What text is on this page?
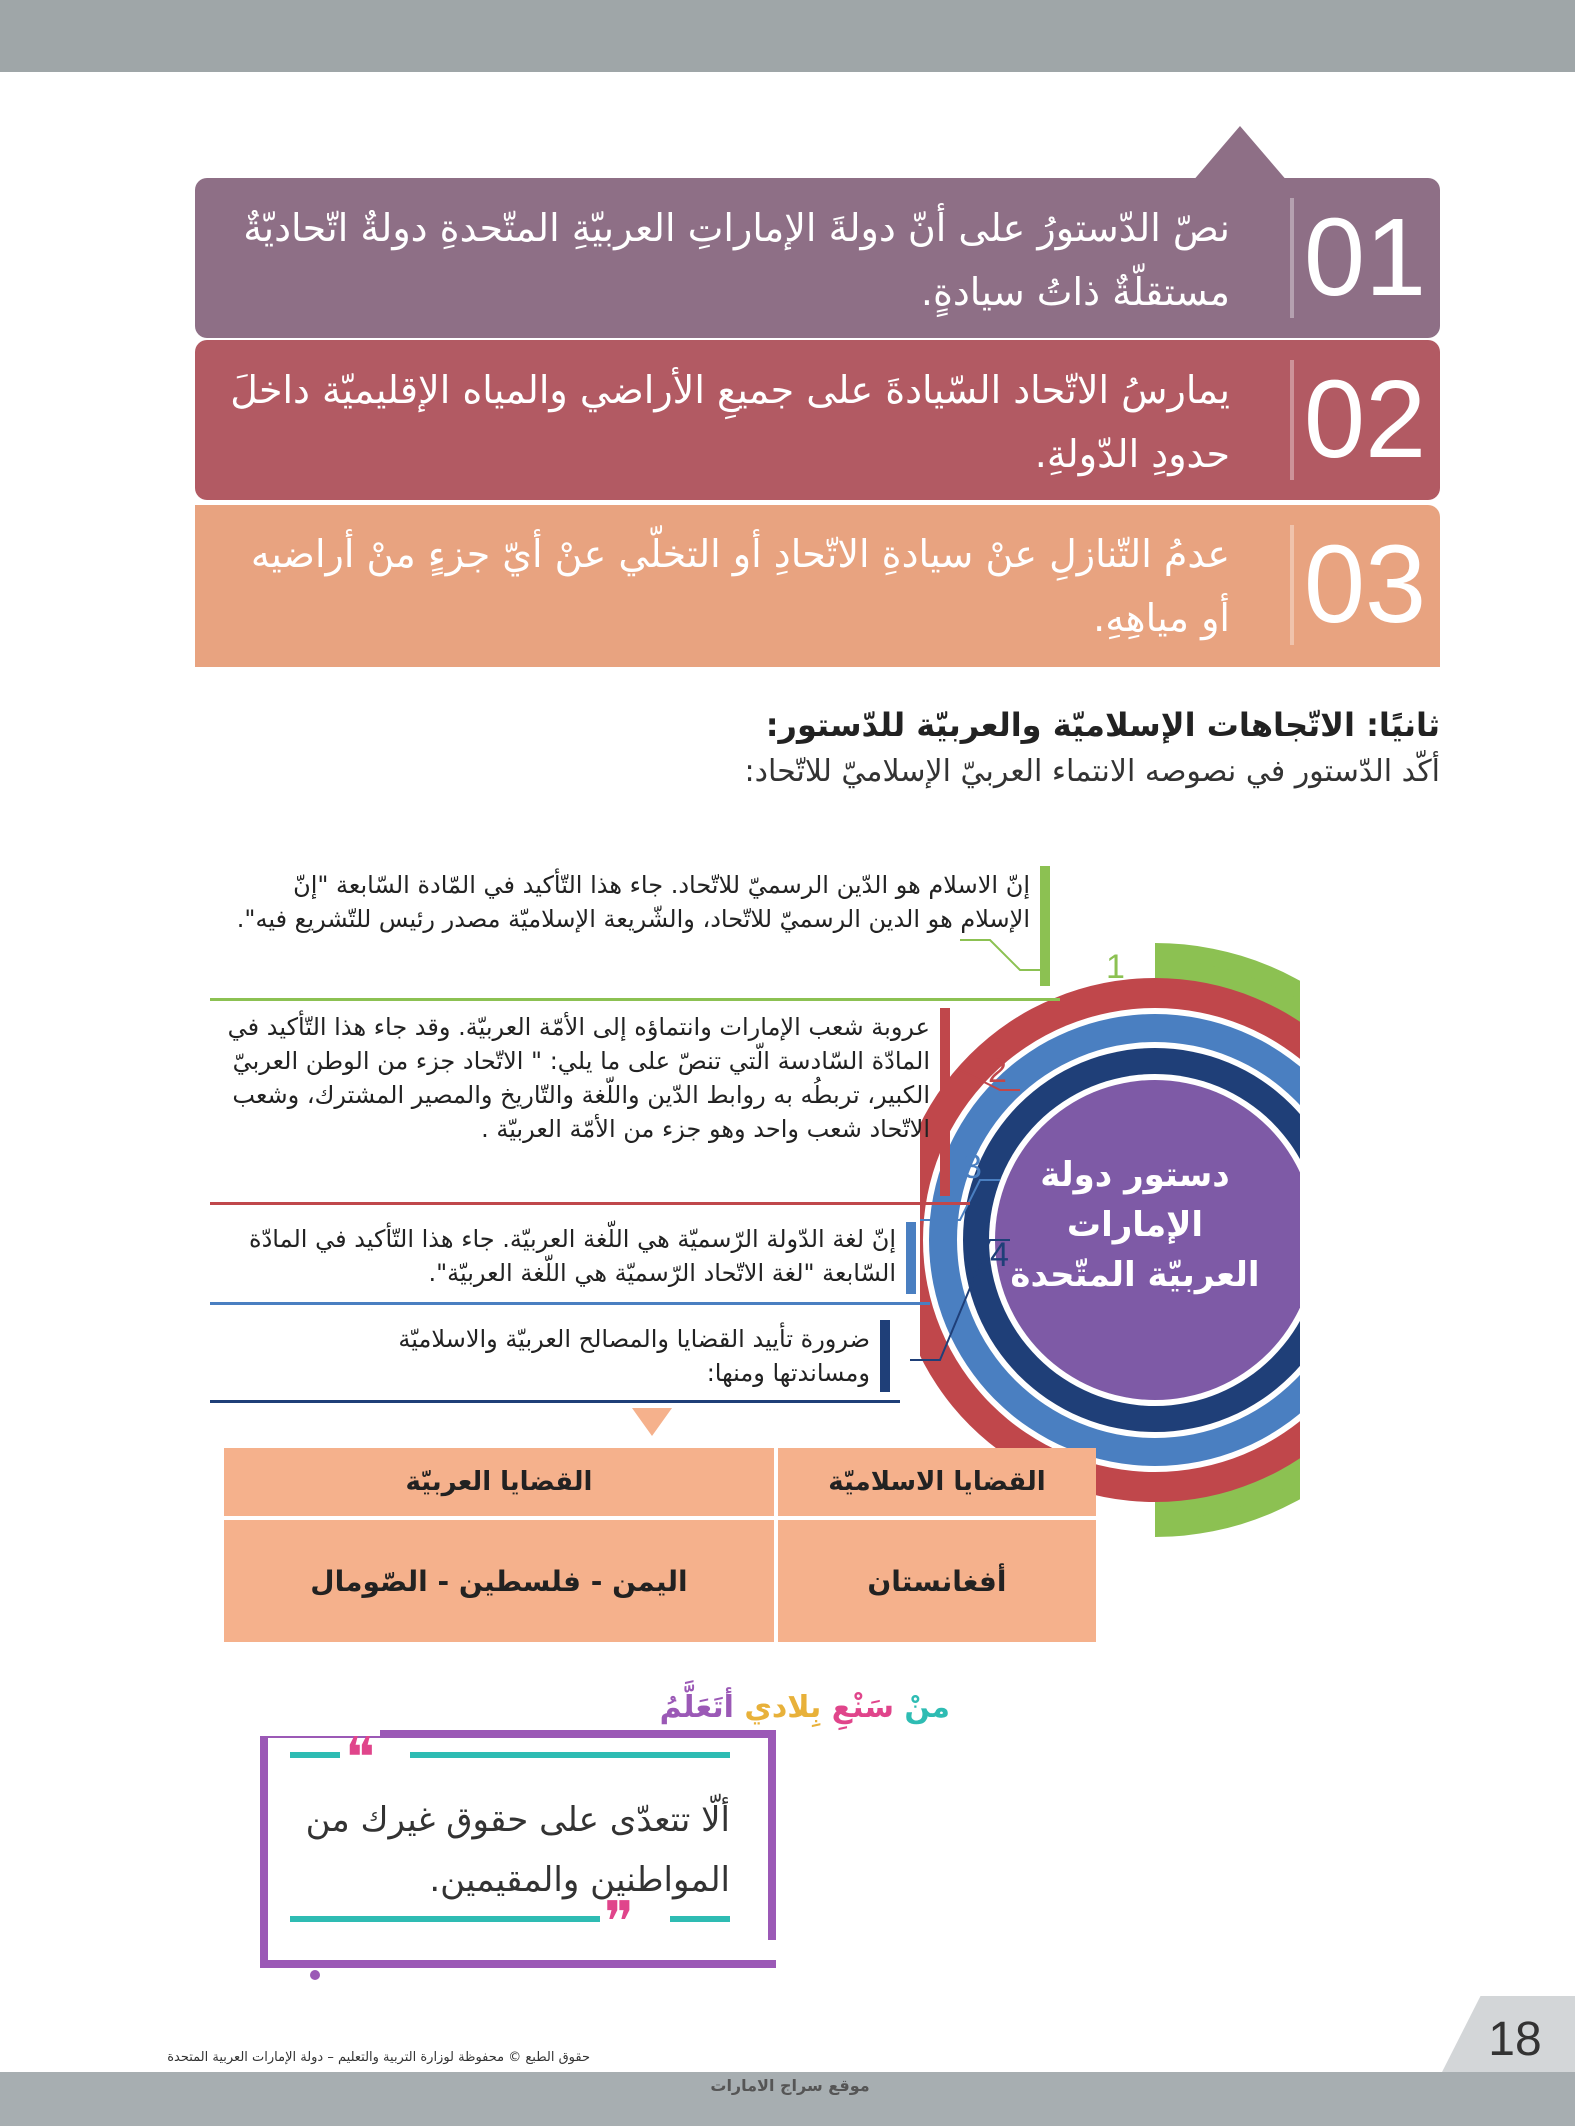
01
02
03
نصّ الدّستورُ على أنّ دولةَ الإماراتِ العربيّةِ المتّحدةِ دولةٌ اتّحاديّةٌ مستقلّةٌ ذاتُ سيادةٍ.
يمارسُ الاتّحاد السّيادةَ على جميعِ الأراضي والمياه الإقليميّة داخلَ حدودِ الدّولةِ.
عدمُ التّنازلِ عنْ سيادةِ الاتّحادِ أو التخلّي عنْ أيّ جزءٍ منْ أراضيه أو مياهِهِ.
ثانيًا: الاتّجاهات الإسلاميّة والعربيّة للدّستور:
أكّد الدّستور في نصوصه الانتماء العربيّ الإسلاميّ للاتّحاد:
دستور دولة الإمارات العربيّة المتّحدة
1
2
3
4
إنّ الاسلام هو الدّين الرسميّ للاتّحاد. جاء هذا التّأكيد في المّادة السّابعة "إنّ الإسلام هو الدين الرسميّ للاتّحاد، والشّريعة الإسلاميّة مصدر رئيس للتّشريع فيه".
عروبة شعب الإمارات وانتماؤه إلى الأمّة العربيّة. وقد جاء هذا التّأكيد في المادّة السّادسة الّتي تنصّ على ما يلي: " الاتّحاد جزء من الوطن العربيّ الكبير، تربطُه به روابط الدّين واللّغة والتّاريخ والمصير المشترك، وشعب الاتّحاد شعب واحد وهو جزء من الأمّة العربيّة .
إنّ لغة الدّولة الرّسميّة هي اللّغة العربيّة. جاء هذا التّأكيد في المادّة السّابعة "لغة الاتّحاد الرّسميّة هي اللّغة العربيّة".
ضرورة تأييد القضايا والمصالح العربيّة والاسلاميّة ومساندتها ومنها:
القضايا الاسلاميّة	القضايا العربيّة
أفغانستان	اليمن - فلسطين - الصّومال
منْ سَنْعِ بِلادي أتَعَلَّمُ
❝
ألّا تتعدّى على حقوق غيرك من المواطنين والمقيمين.
❞
18
حقوق الطبع © محفوظة لوزارة التربية والتعليم – دولة الإمارات العربية المتحدة
موقع سراج الامارات
